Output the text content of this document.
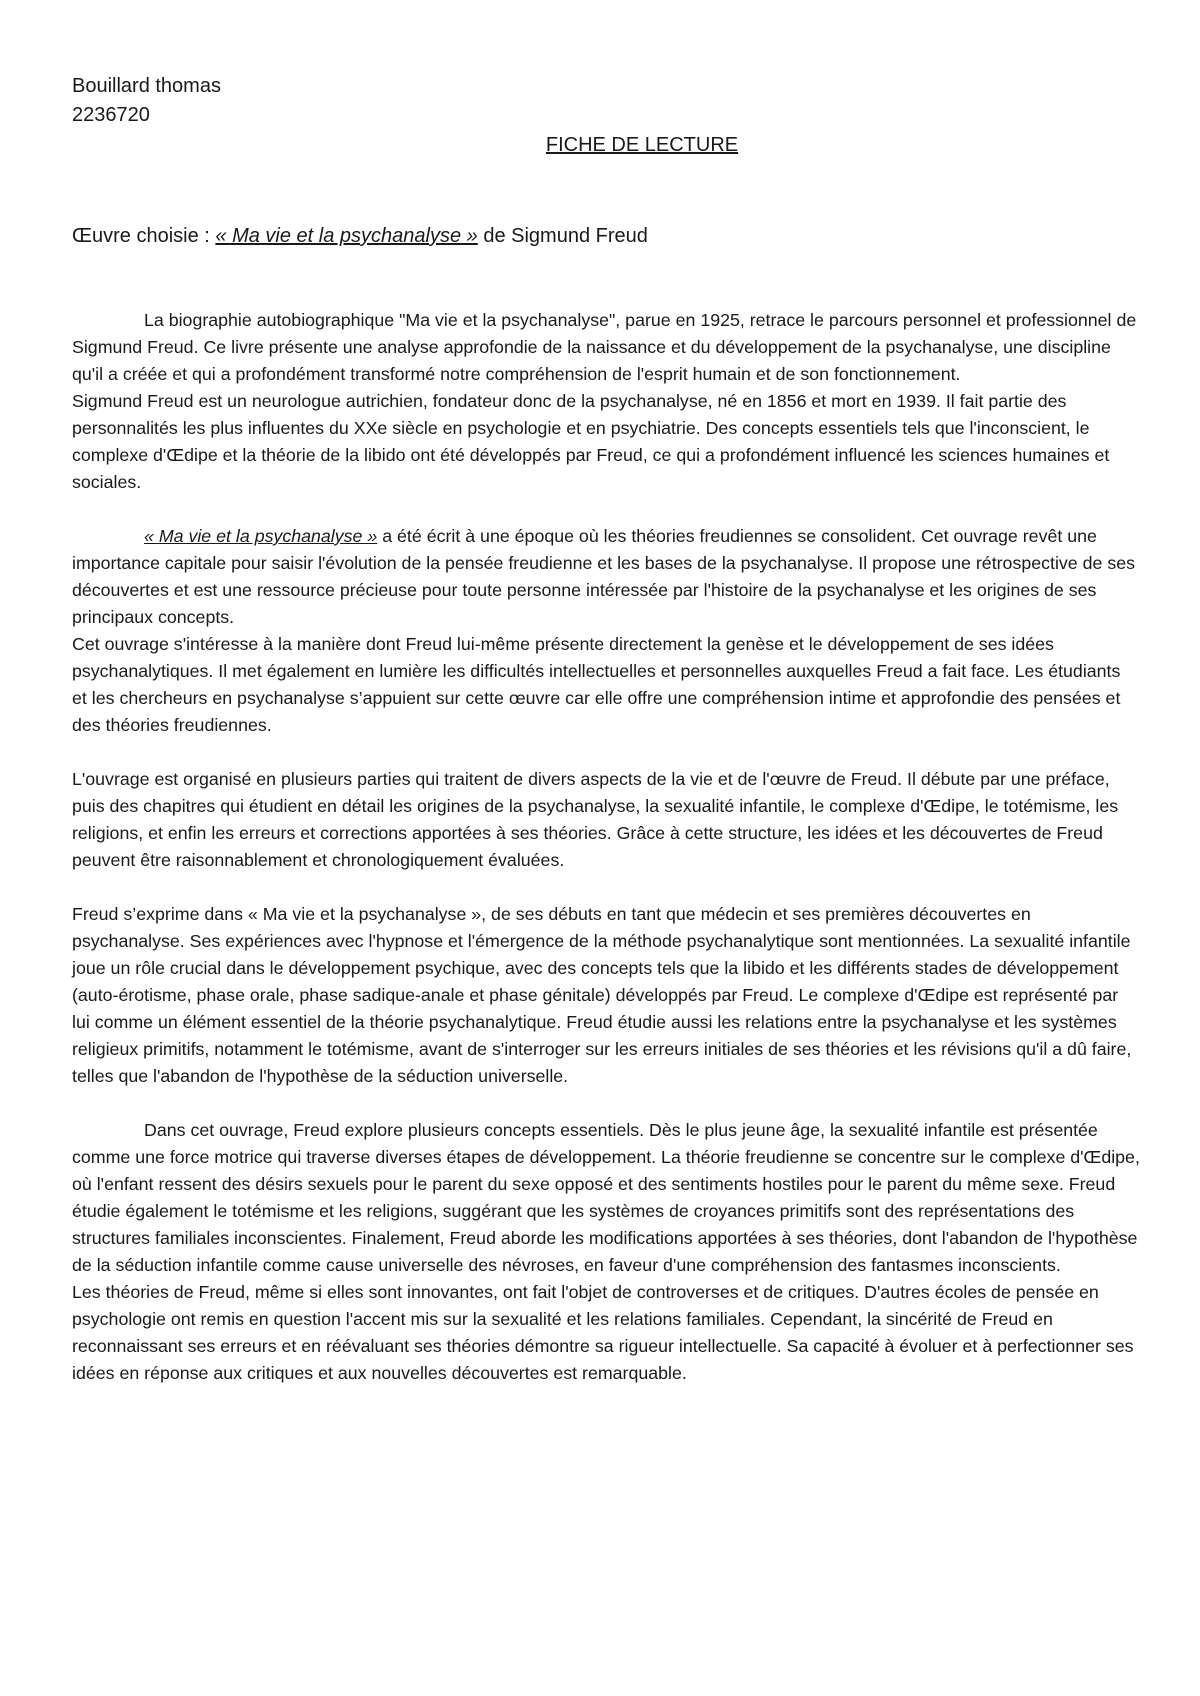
Bouillard thomas

2236720

FICHE DE LECTURE

Œuvre choisie : « Ma vie et la psychanalyse » de Sigmund Freud

La biographie autobiographique "Ma vie et la psychanalyse", parue en 1925, retrace le parcours personnel et professionnel de Sigmund Freud. Ce livre présente une analyse approfondie de la naissance et du développement de la psychanalyse, une discipline qu'il a créée et qui a profondément transformé notre compréhension de l'esprit humain et de son fonctionnement.

Sigmund Freud est un neurologue autrichien, fondateur donc de la psychanalyse, né en 1856 et mort en 1939. Il fait partie des personnalités les plus influentes du XXe siècle en psychologie et en psychiatrie. Des concepts essentiels tels que l'inconscient, le complexe d'Œdipe et la théorie de la libido ont été développés par Freud, ce qui a profondément influencé les sciences humaines et sociales.

« Ma vie et la psychanalyse » a été écrit à une époque où les théories freudiennes se consolident. Cet ouvrage revêt une importance capitale pour saisir l'évolution de la pensée freudienne et les bases de la psychanalyse. Il propose une rétrospective de ses découvertes et est une ressource précieuse pour toute personne intéressée par l'histoire de la psychanalyse et les origines de ses principaux concepts.

Cet ouvrage s'intéresse à la manière dont Freud lui-même présente directement la genèse et le développement de ses idées psychanalytiques. Il met également en lumière les difficultés intellectuelles et personnelles auxquelles Freud a fait face. Les étudiants et les chercheurs en psychanalyse s’appuient sur cette œuvre car elle offre une compréhension intime et approfondie des pensées et des théories freudiennes.

L'ouvrage est organisé en plusieurs parties qui traitent de divers aspects de la vie et de l'œuvre de Freud. Il débute par une préface, puis des chapitres qui étudient en détail les origines de la psychanalyse, la sexualité infantile, le complexe d'Œdipe, le totémisme, les religions, et enfin les erreurs et corrections apportées à ses théories. Grâce à cette structure, les idées et les découvertes de Freud peuvent être raisonnablement et chronologiquement évaluées.

Freud s’exprime dans « Ma vie et la psychanalyse », de ses débuts en tant que médecin et ses premières découvertes en psychanalyse. Ses expériences avec l'hypnose et l'émergence de la méthode psychanalytique sont mentionnées. La sexualité infantile joue un rôle crucial dans le développement psychique, avec des concepts tels que la libido et les différents stades de développement (auto-érotisme, phase orale, phase sadique-anale et phase génitale) développés par Freud. Le complexe d'Œdipe est représenté par lui comme un élément essentiel de la théorie psychanalytique. Freud étudie aussi les relations entre la psychanalyse et les systèmes religieux primitifs, notamment le totémisme, avant de s'interroger sur les erreurs initiales de ses théories et les révisions qu'il a dû faire, telles que l'abandon de l'hypothèse de la séduction universelle.

Dans cet ouvrage, Freud explore plusieurs concepts essentiels. Dès le plus jeune âge, la sexualité infantile est présentée comme une force motrice qui traverse diverses étapes de développement. La théorie freudienne se concentre sur le complexe d'Œdipe, où l'enfant ressent des désirs sexuels pour le parent du sexe opposé et des sentiments hostiles pour le parent du même sexe. Freud étudie également le totémisme et les religions, suggérant que les systèmes de croyances primitifs sont des représentations des structures familiales inconscientes. Finalement, Freud aborde les modifications apportées à ses théories, dont l'abandon de l'hypothèse de la séduction infantile comme cause universelle des névroses, en faveur d'une compréhension des fantasmes inconscients.

Les théories de Freud, même si elles sont innovantes, ont fait l'objet de controverses et de critiques. D'autres écoles de pensée en psychologie ont remis en question l'accent mis sur la sexualité et les relations familiales. Cependant, la sincérité de Freud en reconnaissant ses erreurs et en réévaluant ses théories démontre sa rigueur intellectuelle. Sa capacité à évoluer et à perfectionner ses idées en réponse aux critiques et aux nouvelles découvertes est remarquable.
